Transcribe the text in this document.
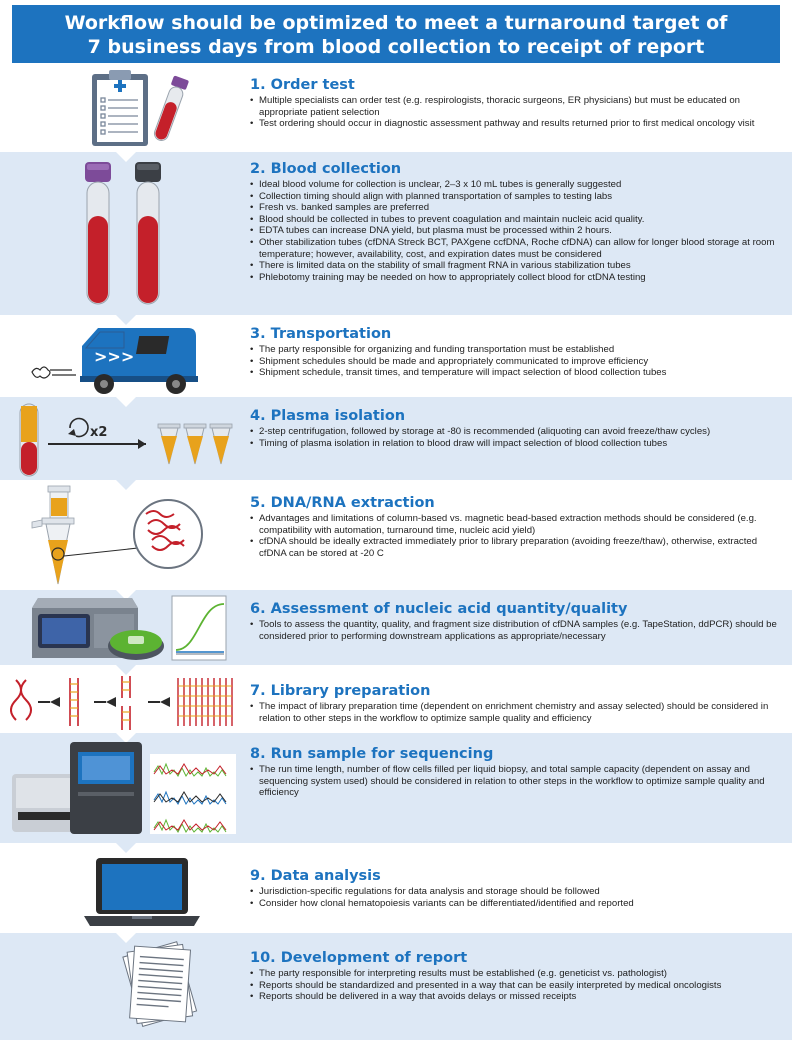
Workflow should be optimized to meet a turnaround target of
7 business days from blood collection to receipt of report
1. Order test
• Multiple specialists can order test (e.g. respirologists, thoracic surgeons, ER physicians) but must be educated on appropriate patient selection
• Test ordering should occur in diagnostic assessment pathway and results returned prior to first medical oncology visit
2. Blood collection
• Ideal blood volume for collection is unclear, 2–3 x 10 mL tubes is generally suggested
• Collection timing should align with planned transportation of samples to testing labs
• Fresh vs. banked samples are preferred
• Blood should be collected in tubes to prevent coagulation and maintain nucleic acid quality.
• EDTA tubes can increase DNA yield, but plasma must be processed within 2 hours.
• Other stabilization tubes (cfDNA Streck BCT, PAXgene ccfDNA, Roche cfDNA) can allow for longer blood storage at room temperature; however, availability, cost, and expiration dates must be considered
• There is limited data on the stability of small fragment RNA in various stabilization tubes
• Phlebotomy training may be needed on how to appropriately collect blood for ctDNA testing
3. Transportation
• The party responsible for organizing and funding transportation must be established
• Shipment schedules should be made and appropriately communicated to improve efficiency
• Shipment schedule, transit times, and temperature will impact selection of blood collection tubes
4. Plasma isolation
• 2-step centrifugation, followed by storage at -80 is recommended (aliquoting can avoid freeze/thaw cycles)
• Timing of plasma isolation in relation to blood draw will impact selection of blood collection tubes
5. DNA/RNA extraction
• Advantages and limitations of column-based vs. magnetic bead-based extraction methods should be considered (e.g. compatibility with automation, turnaround time, nucleic acid yield)
• cfDNA should be ideally extracted immediately prior to library preparation (avoiding freeze/thaw), otherwise, extracted cfDNA can be stored at -20 C
6. Assessment of nucleic acid quantity/quality
• Tools to assess the quantity, quality, and fragment size distribution of cfDNA samples (e.g. TapeStation, ddPCR) should be considered prior to performing downstream applications as appropriate/necessary
7. Library preparation
• The impact of library preparation time (dependent on enrichment chemistry and assay selected) should be considered in relation to other steps in the workflow to optimize sample quality and efficiency
8. Run sample for sequencing
• The run time length, number of flow cells filled per liquid biopsy, and total sample capacity (dependent on assay and sequencing system used) should be considered in relation to other steps in the workflow to optimize sample quality and efficiency
9. Data analysis
• Jurisdiction-specific regulations for data analysis and storage should be followed
• Consider how clonal hematopoiesis variants can be differentiated/identified and reported
10. Development of report
• The party responsible for interpreting results must be established (e.g. geneticist vs. pathologist)
• Reports should be standardized and presented in a way that can be easily interpreted by medical oncologists
• Reports should be delivered in a way that avoids delays or missed receipts
>>>
x2
